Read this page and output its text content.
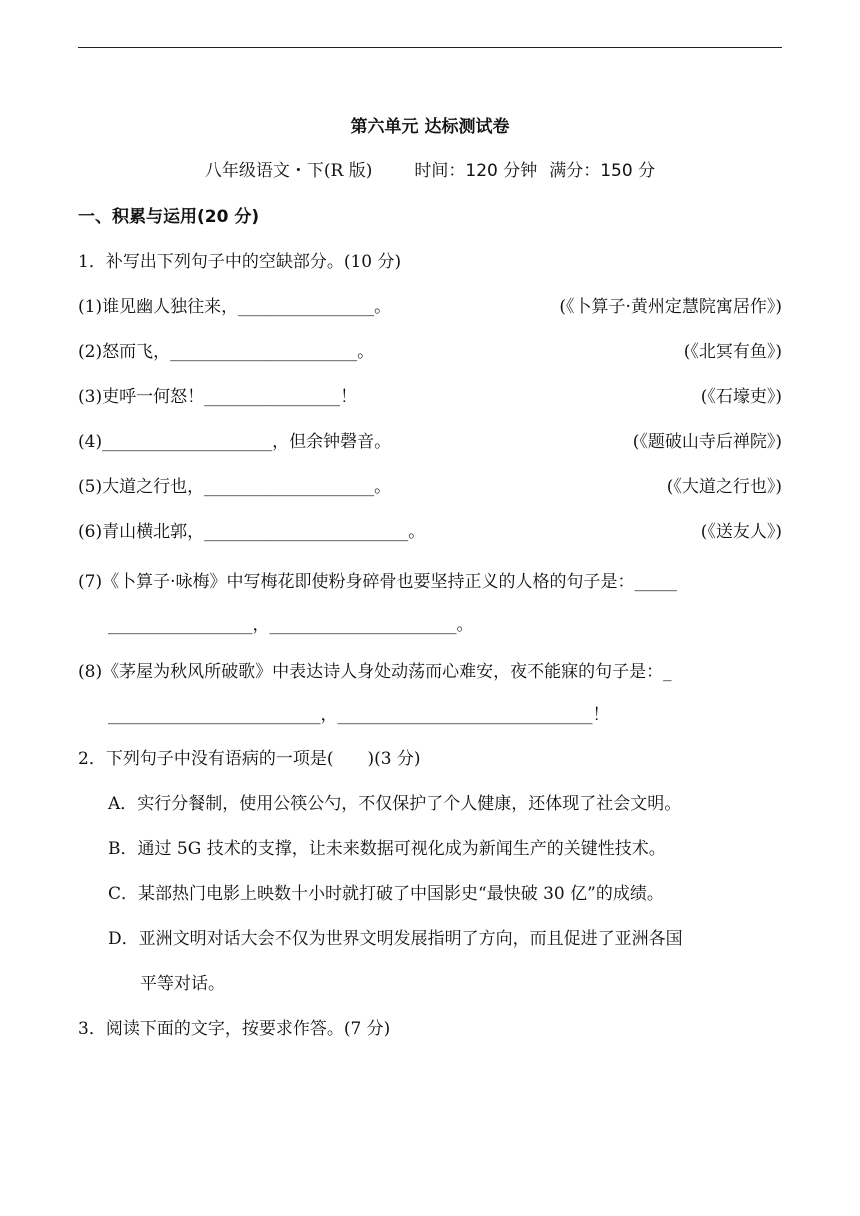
第六单元 达标测试卷
八年级语文・下(R 版) 时间：120 分钟 满分：150 分
一、积累与运用(20 分)
1．补写出下列句子中的空缺部分。(10 分)
(1)谁见幽人独往来，________________。	(《卜算子·黄州定慧院寓居作》)
(2)怒而飞，______________________。	(《北冥有鱼》)
(3)吏呼一何怒！________________！	(《石壕吏》)
(4)____________________，但余钟磬音。	(《题破山寺后禅院》)
(5)大道之行也，____________________。	(《大道之行也》)
(6)青山横北郭，________________________。	(《送友人》)
(7)《卜算子·咏梅》中写梅花即使粉身碎骨也要坚持正义的人格的句子是：_____
_________________，______________________。
(8)《茅屋为秋风所破歌》中表达诗人身处动荡而心难安，夜不能寐的句子是：_
_________________________，______________________________！
2．下列句子中没有语病的一项是(　　)(3 分)
A．实行分餐制，使用公筷公勺，不仅保护了个人健康，还体现了社会文明。
B．通过 5G 技术的支撑，让未来数据可视化成为新闻生产的关键性技术。
C．某部热门电影上映数十小时就打破了中国影史“最快破 30 亿”的成绩。
D．亚洲文明对话大会不仅为世界文明发展指明了方向，而且促进了亚洲各国
平等对话。
3．阅读下面的文字，按要求作答。(7 分)
